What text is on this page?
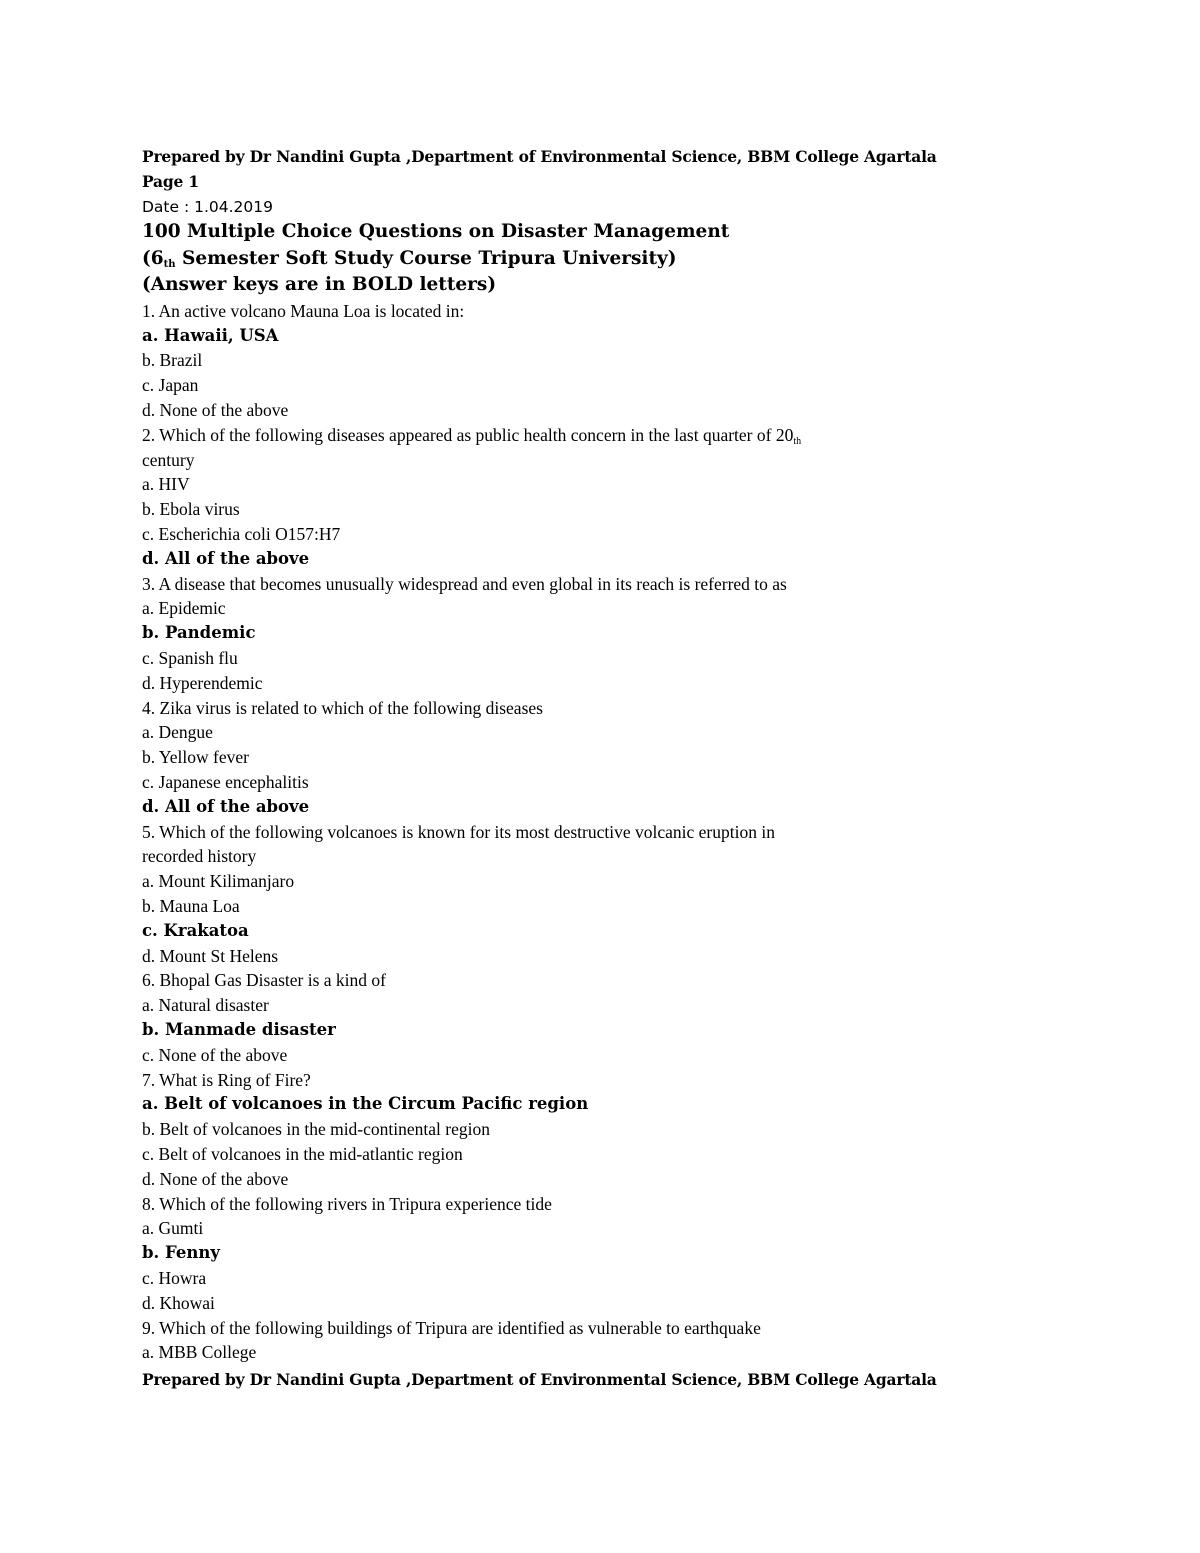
Prepared by Dr Nandini Gupta ,Department of Environmental Science, BBM College Agartala
Page 1
Date : 1.04.2019
100 Multiple Choice Questions on Disaster Management
(6th Semester Soft Study Course Tripura University)
(Answer keys are in BOLD letters)
1. An active volcano Mauna Loa is located in:
a. Hawaii, USA
b. Brazil
c. Japan
d. None of the above
2. Which of the following diseases appeared as public health concern in the last quarter of 20th
century
a. HIV
b. Ebola virus
c. Escherichia coli O157:H7
d. All of the above
3. A disease that becomes unusually widespread and even global in its reach is referred to as
a. Epidemic
b. Pandemic
c. Spanish flu
d. Hyperendemic
4. Zika virus is related to which of the following diseases
a. Dengue
b. Yellow fever
c. Japanese encephalitis
d. All of the above
5. Which of the following volcanoes is known for its most destructive volcanic eruption in
recorded history
a. Mount Kilimanjaro
b. Mauna Loa
c. Krakatoa
d. Mount St Helens
6. Bhopal Gas Disaster is a kind of
a. Natural disaster
b. Manmade disaster
c. None of the above
7. What is Ring of Fire?
a. Belt of volcanoes in the Circum Pacific region
b. Belt of volcanoes in the mid-continental region
c. Belt of volcanoes in the mid-atlantic region
d. None of the above
8. Which of the following rivers in Tripura experience tide
a. Gumti
b. Fenny
c. Howra
d. Khowai
9. Which of the following buildings of Tripura are identified as vulnerable to earthquake
a. MBB College
Prepared by Dr Nandini Gupta ,Department of Environmental Science, BBM College Agartala
